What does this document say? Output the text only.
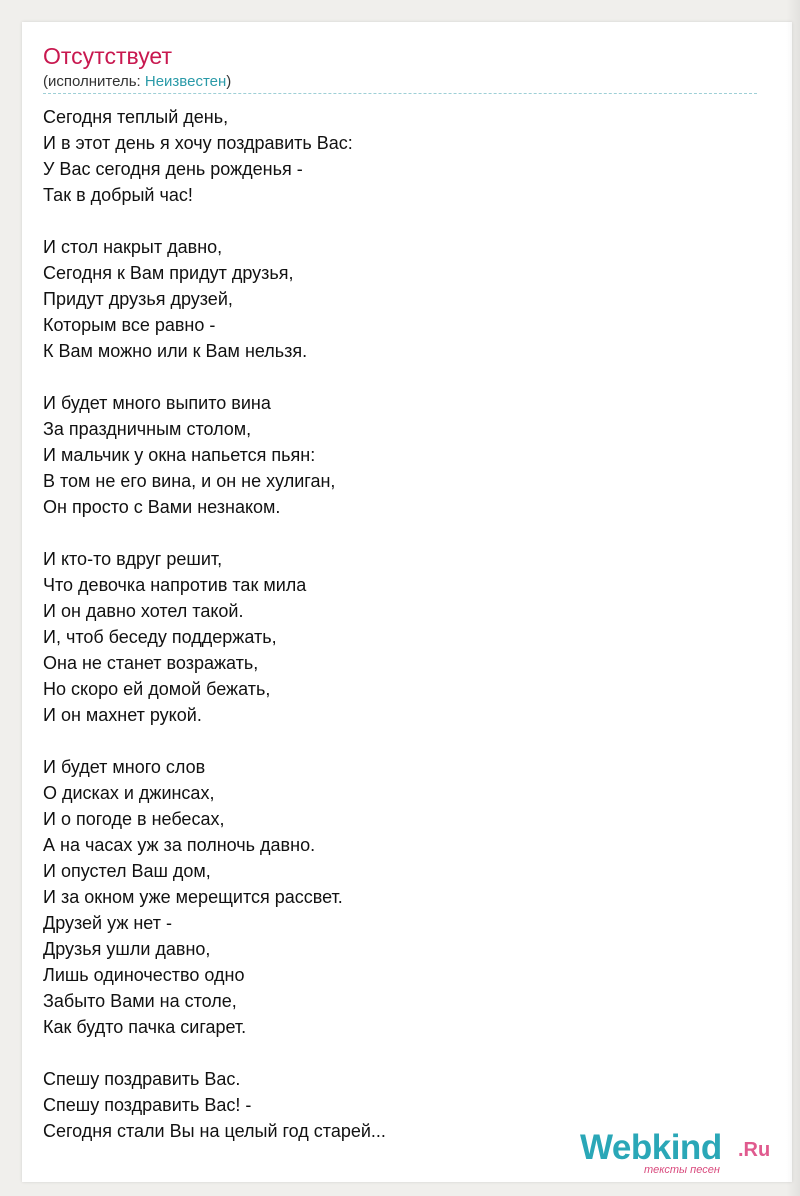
Отсутствует
(исполнитель: Неизвестен)
Сегодня теплый день,
И в этот день я хочу поздравить Вас:
У Вас сегодня день рожденья -
Так в добрый час!
И стол накрыт давно,
Сегодня к Вам придут друзья,
Придут друзья друзей,
Которым все равно -
К Вам можно или к Вам нельзя.
И будет много выпито вина
За праздничным столом,
И мальчик у окна напьется пьян:
В том не его вина, и он не хулиган,
Он просто с Вами незнаком.
И кто-то вдруг решит,
Что девочка напротив так мила
И он давно хотел такой.
И, чтоб беседу поддержать,
Она не станет возражать,
Но скоро ей домой бежать,
И он махнет рукой.
И будет много слов
О дисках и джинсах,
И о погоде в небесах,
А на часах уж за полночь давно.
И опустел Ваш дом,
И за окном уже мерещится рассвет.
Друзей уж нет -
Друзья ушли давно,
Лишь одиночество одно
Забыто Вами на столе,
Как будто пачка сигарет.
Спешу поздравить Вас.
Спешу поздравить Вас! -
Сегодня стали Вы на целый год старей...	Webkind .Ru
тексты песен
